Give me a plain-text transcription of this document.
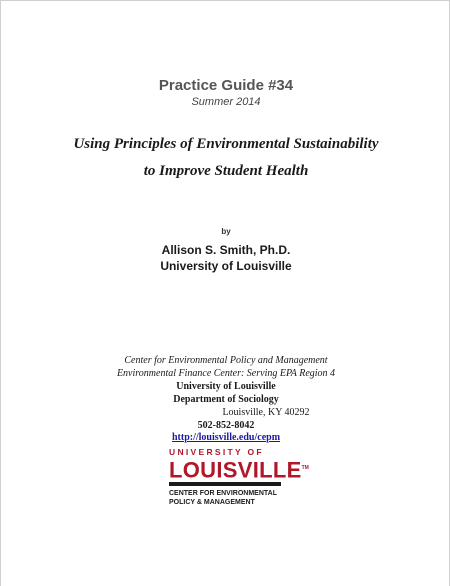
Practice Guide #34
Summer 2014
Using Principles of Environmental Sustainability
to Improve Student Health
by
Allison S. Smith, Ph.D.
University of Louisville
Center for Environmental Policy and Management
Environmental Finance Center: Serving EPA Region 4
University of Louisville
Department of Sociology
Louisville, KY 40292
502-852-8042
http://louisville.edu/cepm
UNIVERSITY OF
LOUISVILLE™
CENTER FOR ENVIRONMENTAL
POLICY & MANAGEMENT
